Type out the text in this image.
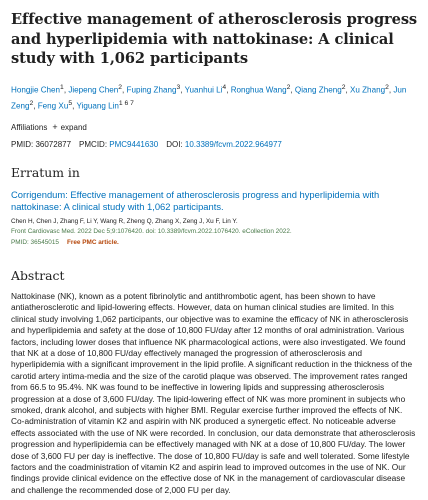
Effective management of atherosclerosis progress and hyperlipidemia with nattokinase: A clinical study with 1,062 participants
Hongjie Chen$^1$, Jiepeng Chen$^2$, Fuping Zhang$^3$, Yuanhui Li$^4$, Ronghua Wang$^2$, Qiang Zheng$^2$, Xu Zhang$^2$, Jun Zeng$^2$, Feng Xu$^5$, Yiguang Lin$^{1 6 7}$
Affiliations + expand
PMID: 36072877 PMCID: PMC9441630 DOI: 10.3389/fcvm.2022.964977
Erratum in
Corrigendum: Effective management of atherosclerosis progress and hyperlipidemia with nattokinase: A clinical study with 1,062 participants.
Chen H, Chen J, Zhang F, Li Y, Wang R, Zheng Q, Zhang X, Zeng J, Xu F, Lin Y.
Front Cardiovasc Med. 2022 Dec 5;9:1076420. doi: 10.3389/fcvm.2022.1076420. eCollection 2022.
PMID: 36545015 Free PMC article.
Abstract

Nattokinase (NK), known as a potent fibrinolytic and antithrombotic agent, has been shown to have antiatherosclerotic and lipid-lowering effects. However, data on human clinical studies are limited. In this clinical study involving 1,062 participants, our objective was to examine the efficacy of NK in atherosclerosis and hyperlipidemia and safety at the dose of 10,800 FU/day after 12 months of oral administration. Various factors, including lower doses that influence NK pharmacological actions, were also investigated. We found that NK at a dose of 10,800 FU/day effectively managed the progression of atherosclerosis and hyperlipidemia with a significant improvement in the lipid profile. A significant reduction in the thickness of the carotid artery intima-media and the size of the carotid plaque was observed. The improvement rates ranged from 66.5 to 95.4%. NK was found to be ineffective in lowering lipids and suppressing atherosclerosis progression at a dose of 3,600 FU/day. The lipid-lowering effect of NK was more prominent in subjects who smoked, drank alcohol, and subjects with higher BMI. Regular exercise further improved the effects of NK. Co-administration of vitamin K2 and aspirin with NK produced a synergetic effect. No noticeable adverse effects associated with the use of NK were recorded. In conclusion, our data demonstrate that atherosclerosis progression and hyperlipidemia can be effectively managed with NK at a dose of 10,800 FU/day. The lower dose of 3,600 FU per day is ineffective. The dose of 10,800 FU/day is safe and well tolerated. Some lifestyle factors and the coadministration of vitamin K2 and aspirin lead to improved outcomes in the use of NK. Our findings provide clinical evidence on the effective dose of NK in the management of cardiovascular disease and challenge the recommended dose of 2,000 FU per day.
